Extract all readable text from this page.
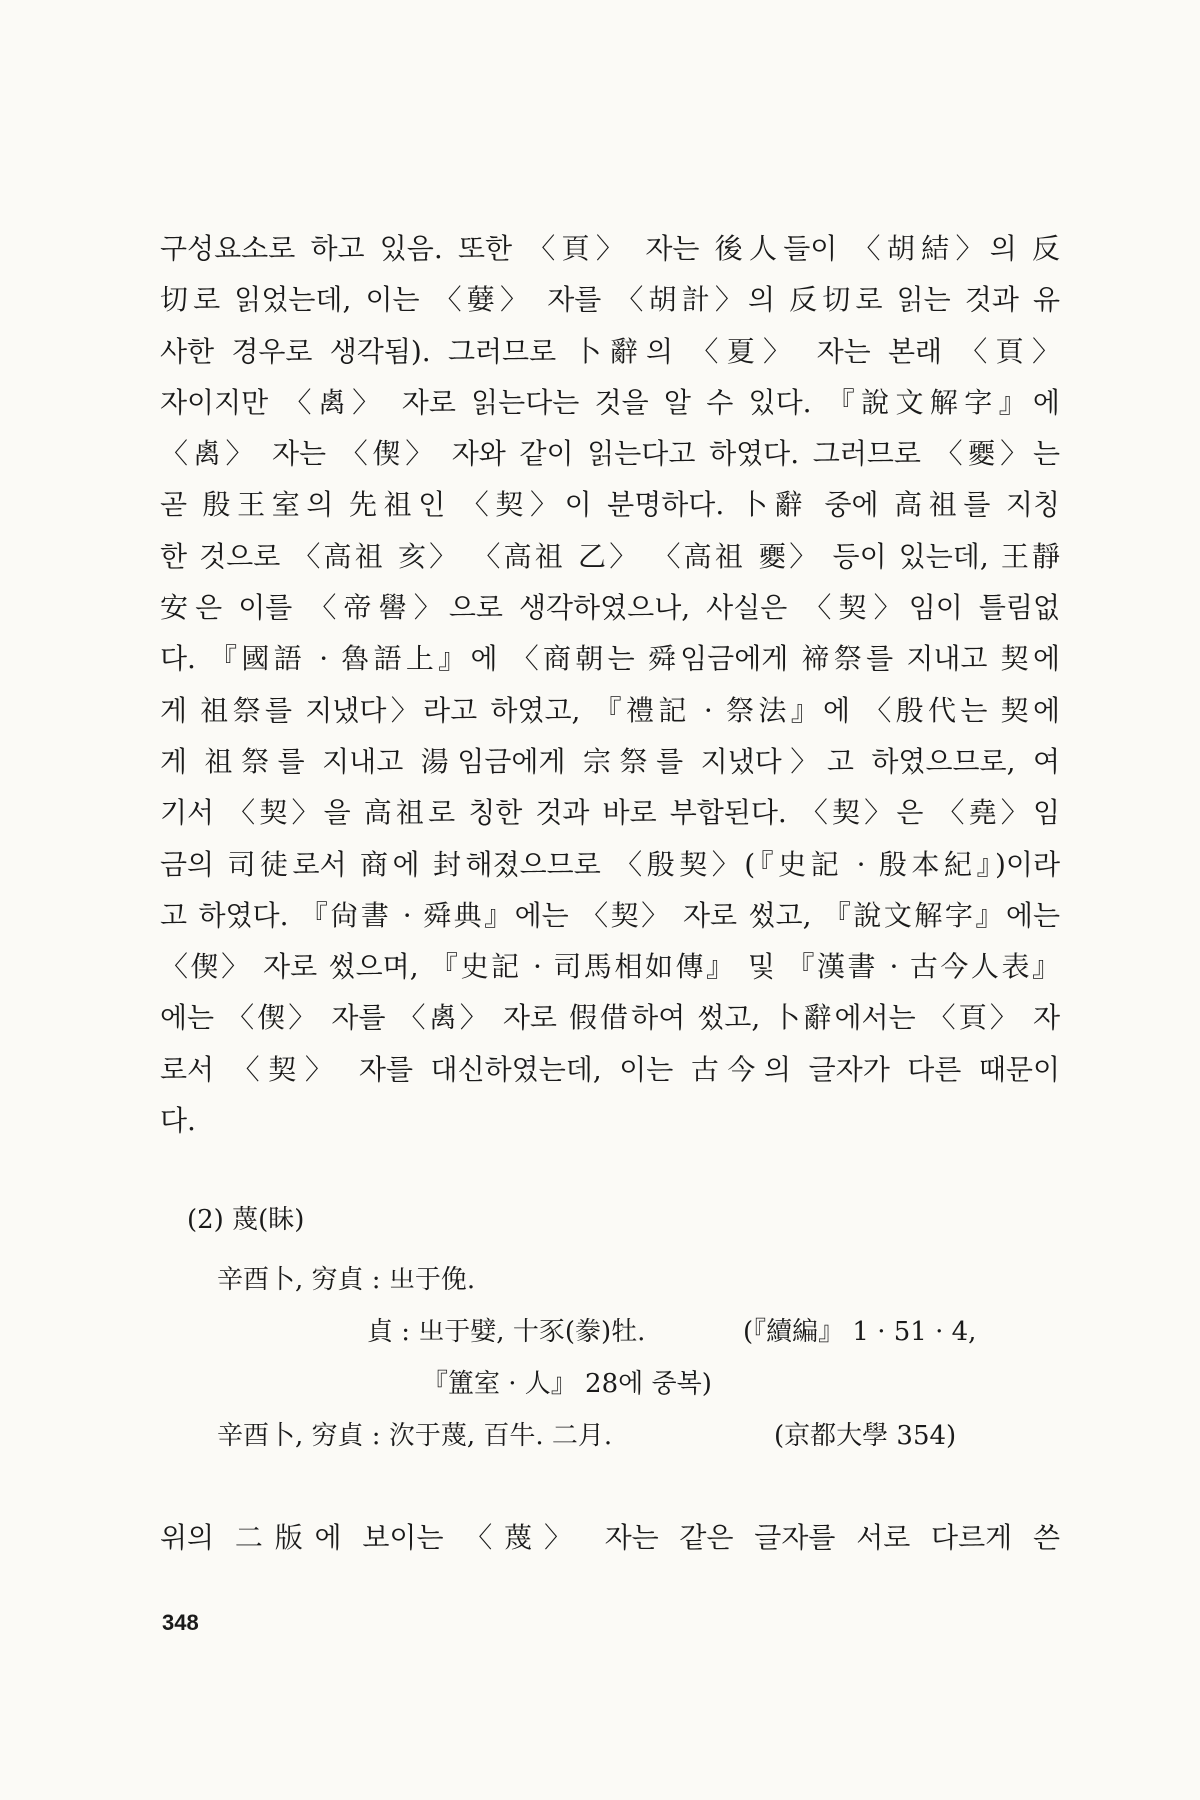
구성요소로 하고 있음. 또한 〈頁〉 자는 後人들이 〈胡結〉의 反
切로 읽었는데, 이는 〈㜸〉 자를 〈胡計〉의 反切로 읽는 것과 유
사한 경우로 생각됨). 그러므로 卜辭의 〈夏〉 자는 본래 〈頁〉
자이지만 〈禼〉 자로 읽는다는 것을 알 수 있다. 『說文解字』에
〈禼〉 자는 〈偰〉 자와 같이 읽는다고 하였다. 그러므로 〈夒〉는
곧 殷王室의 先祖인 〈契〉이 분명하다. 卜辭 중에 高祖를 지칭
한 것으로 〈高祖 亥〉 〈高祖 乙〉 〈高祖 夒〉 등이 있는데, 王靜
安은 이를 〈帝嚳〉으로 생각하였으나, 사실은 〈契〉임이 틀림없
다. 『國語 · 魯語上』에 〈商朝는 舜임금에게 禘祭를 지내고 契에
게 祖祭를 지냈다〉라고 하였고, 『禮記 · 祭法』에 〈殷代는 契에
게 祖祭를 지내고 湯임금에게 宗祭를 지냈다〉고 하였으므로, 여
기서 〈契〉을 高祖로 칭한 것과 바로 부합된다. 〈契〉은 〈堯〉임
금의 司徒로서 商에 封해졌으므로 〈殷契〉(『史記 · 殷本紀』)이라
고 하였다. 『尙書 · 舜典』에는 〈契〉 자로 썼고, 『說文解字』에는
〈偰〉 자로 썼으며, 『史記 · 司馬相如傳』 및 『漢書 · 古今人表』
에는 〈偰〉 자를 〈禼〉 자로 假借하여 썼고, 卜辭에서는 〈頁〉 자
로서 〈契〉 자를 대신하였는데, 이는 古今의 글자가 다른 때문이
다.
(2) 蔑(眛)
辛酉卜, 穷貞 : 㞢于俛.
貞 : 㞢于嬖, 十豕(豢)牡.	(『續編』 1 · 51 · 4,
『簠室 · 人』 28에 중복)
辛酉卜, 穷貞 : 㳄于蔑, 百牛. 二月.	(京都大學 354)
위의 二版에 보이는 〈蔑〉 자는 같은 글자를 서로 다르게 쓴
348
